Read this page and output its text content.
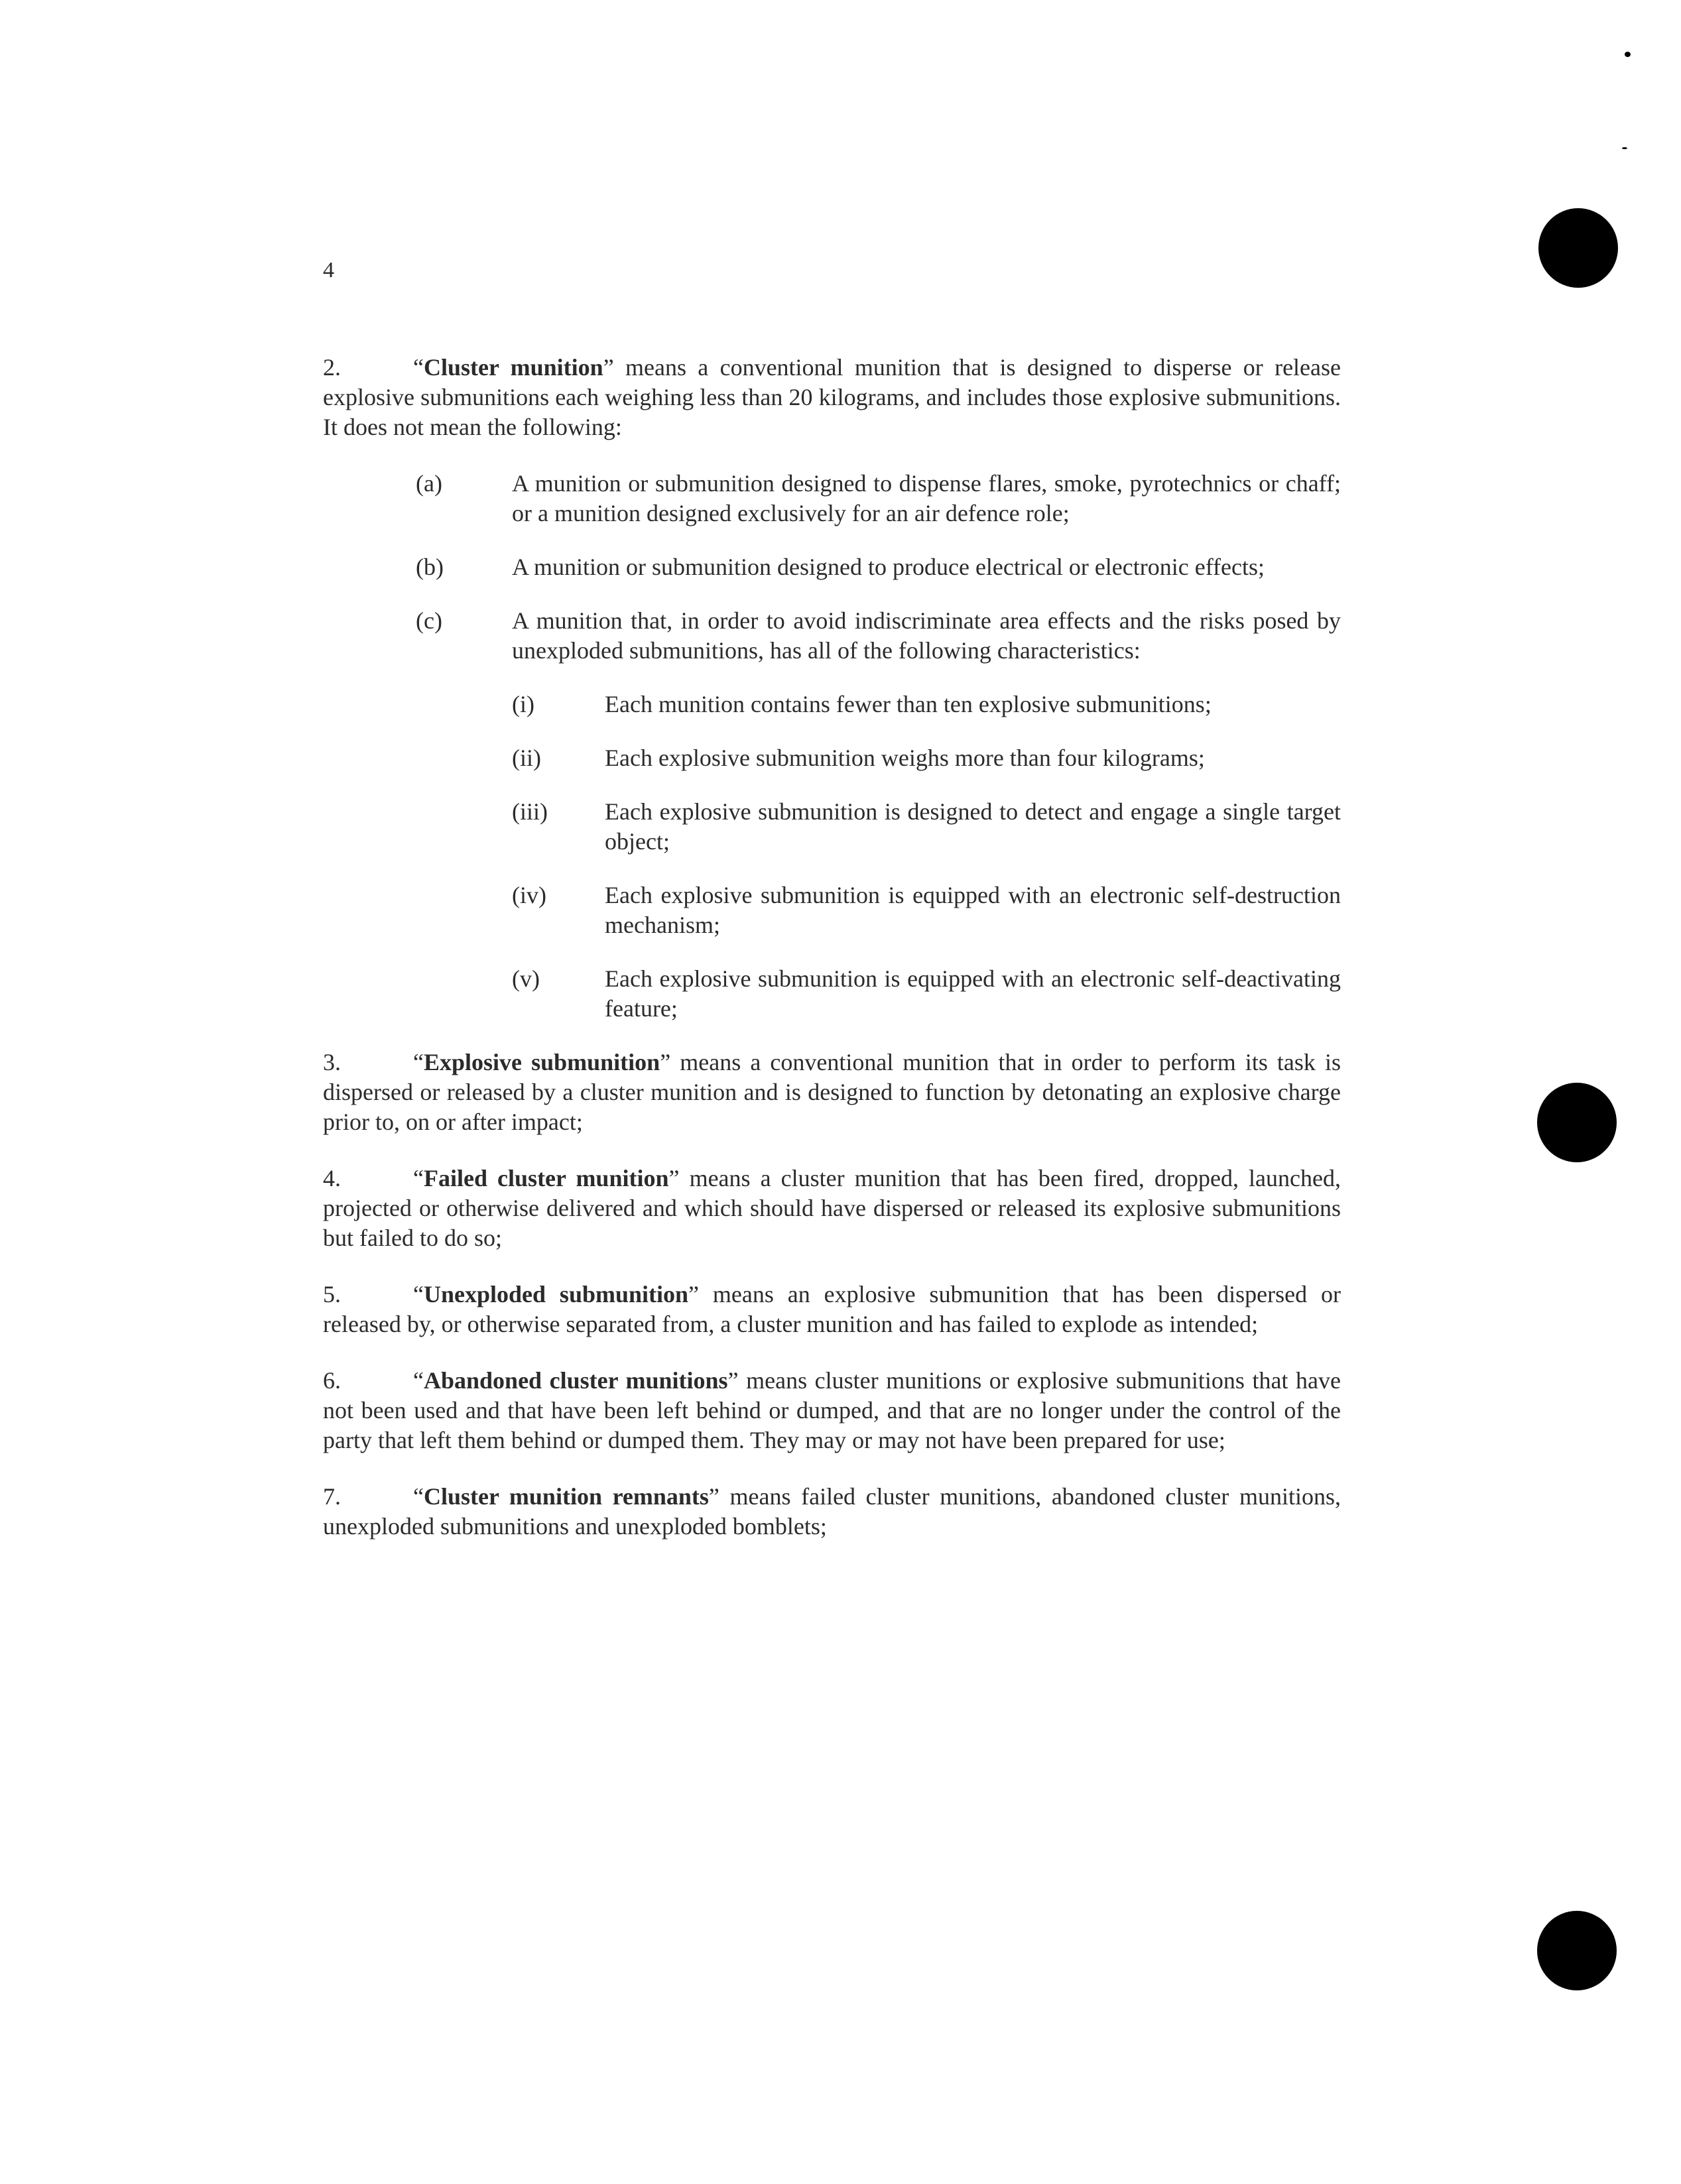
4

2.	“Cluster munition” means a conventional munition that is designed to disperse or release explosive submunitions each weighing less than 20 kilograms, and includes those explosive submunitions. It does not mean the following:

(a)	A munition or submunition designed to dispense flares, smoke, pyrotechnics or chaff; or a munition designed exclusively for an air defence role;
(b)	A munition or submunition designed to produce electrical or electronic effects;
(c)	A munition that, in order to avoid indiscriminate area effects and the risks posed by unexploded submunitions, has all of the following characteristics:
(i)	Each munition contains fewer than ten explosive submunitions;
(ii)	Each explosive submunition weighs more than four kilograms;
(iii) Each explosive submunition is designed to detect and engage a single target object;
(iv) Each explosive submunition is equipped with an electronic self-destruction mechanism;
(v)	Each explosive submunition is equipped with an electronic self-deactivating feature;

3.	“Explosive submunition” means a conventional munition that in order to perform its task is dispersed or released by a cluster munition and is designed to function by detonating an explosive charge prior to, on or after impact;

4.	“Failed cluster munition” means a cluster munition that has been fired, dropped, launched, projected or otherwise delivered and which should have dispersed or released its explosive submunitions but failed to do so;

5.	“Unexploded submunition” means an explosive submunition that has been dispersed or released by, or otherwise separated from, a cluster munition and has failed to explode as intended;

6.	“Abandoned cluster munitions” means cluster munitions or explosive submunitions that have not been used and that have been left behind or dumped, and that are no longer under the control of the party that left them behind or dumped them. They may or may not have been prepared for use;

7.	“Cluster munition remnants” means failed cluster munitions, abandoned cluster munitions, unexploded submunitions and unexploded bomblets;
